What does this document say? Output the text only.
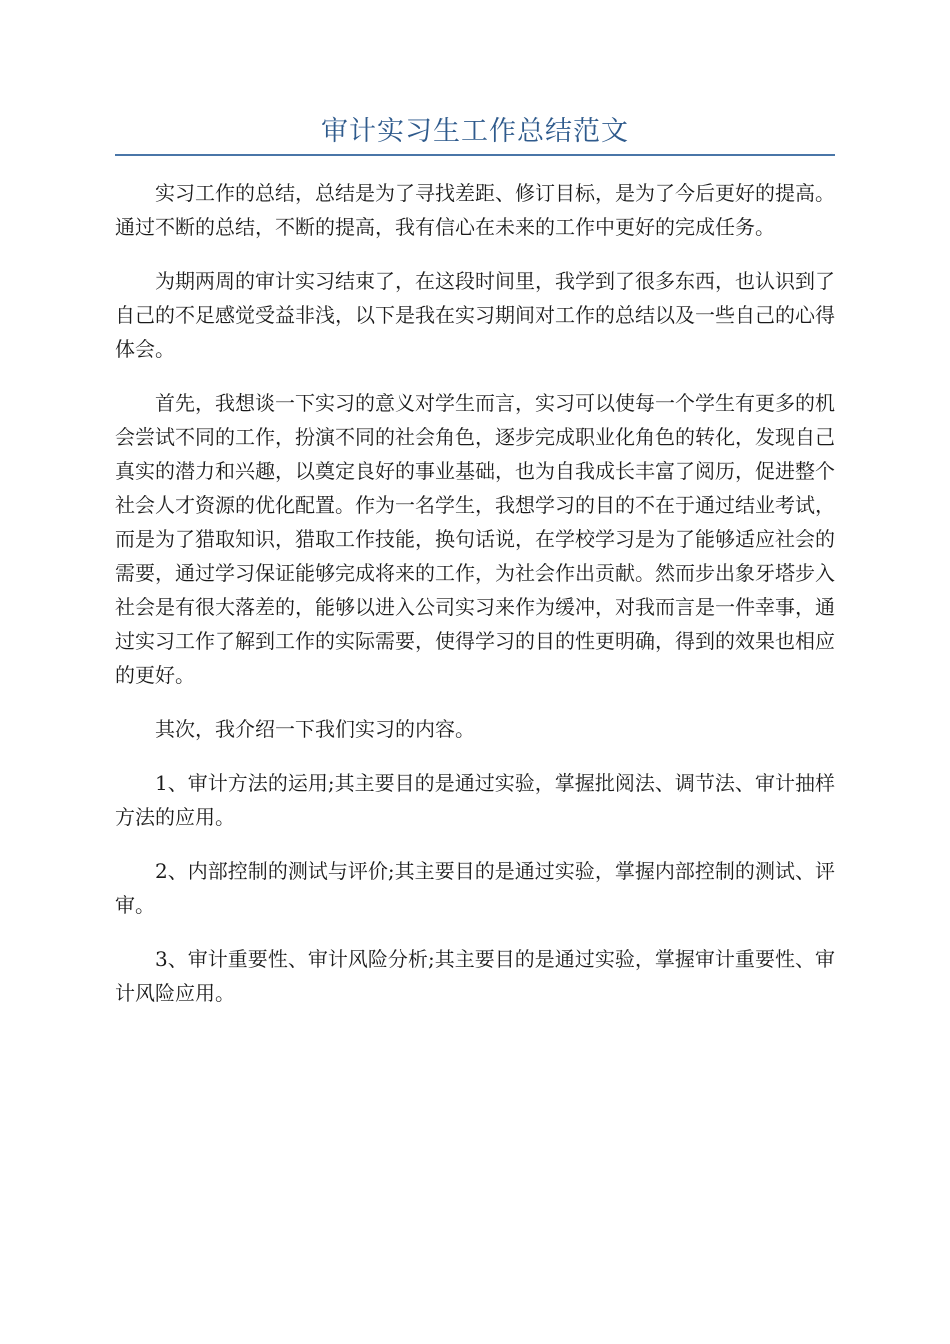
审计实习生工作总结范文

实习工作的总结，总结是为了寻找差距、修订目标，是为了今后更好的提高。通过不断的总结，不断的提高，我有信心在未来的工作中更好的完成任务。

为期两周的审计实习结束了，在这段时间里，我学到了很多东西，也认识到了自己的不足感觉受益非浅，以下是我在实习期间对工作的总结以及一些自己的心得体会。

首先，我想谈一下实习的意义对学生而言，实习可以使每一个学生有更多的机会尝试不同的工作，扮演不同的社会角色，逐步完成职业化角色的转化，发现自己真实的潜力和兴趣，以奠定良好的事业基础，也为自我成长丰富了阅历，促进整个社会人才资源的优化配置。作为一名学生，我想学习的目的不在于通过结业考试，而是为了猎取知识，猎取工作技能，换句话说，在学校学习是为了能够适应社会的需要，通过学习保证能够完成将来的工作，为社会作出贡献。然而步出象牙塔步入社会是有很大落差的，能够以进入公司实习来作为缓冲，对我而言是一件幸事，通过实习工作了解到工作的实际需要，使得学习的目的性更明确，得到的效果也相应的更好。

其次，我介绍一下我们实习的内容。

1、审计方法的运用;其主要目的是通过实验，掌握批阅法、调节法、审计抽样方法的应用。

2、内部控制的测试与评价;其主要目的是通过实验，掌握内部控制的测试、评审。

3、审计重要性、审计风险分析;其主要目的是通过实验，掌握审计重要性、审计风险应用。
